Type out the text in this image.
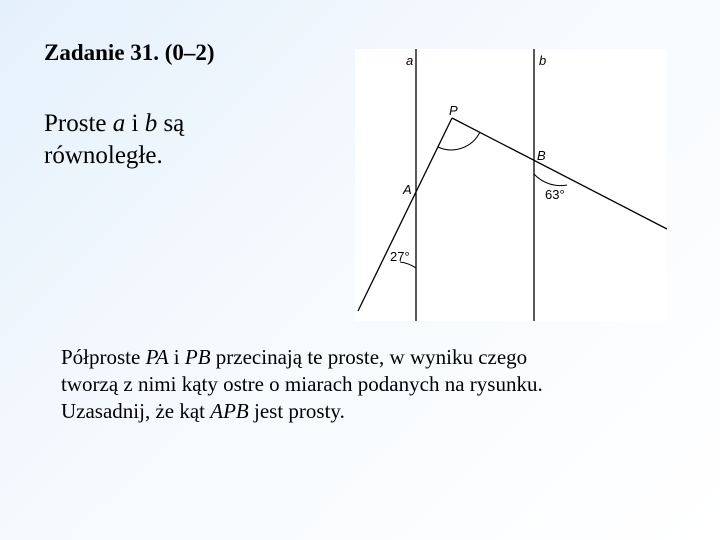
Zadanie 31. (0–2)
Proste a i b są
równoległe.
a	b
P
A
B
27°
63°
Półproste PA i PB przecinają te proste, w wyniku czego
tworzą z nimi kąty ostre o miarach podanych na rysunku.
Uzasadnij, że kąt APB jest prosty.
